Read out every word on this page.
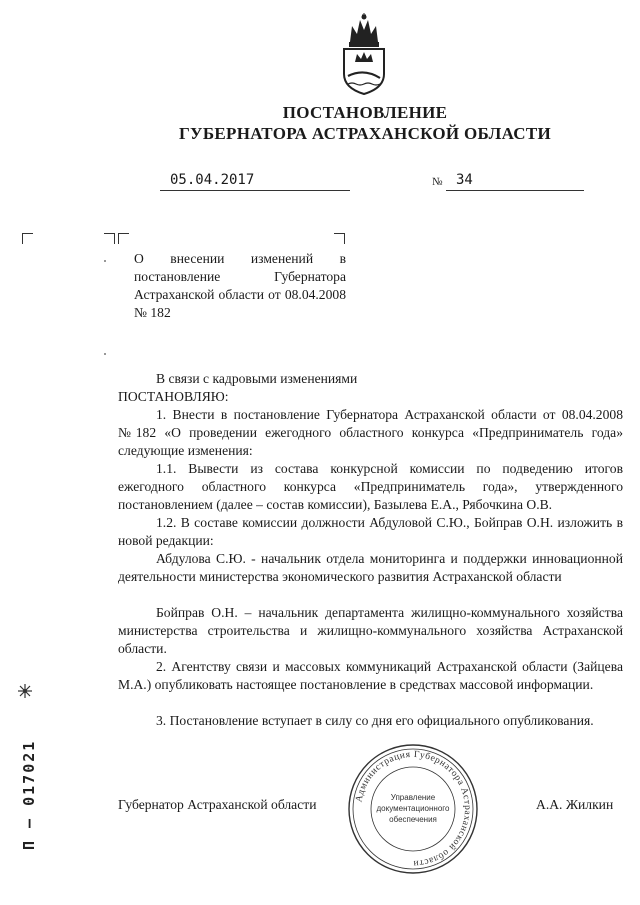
ПОСТАНОВЛЕНИЕ
ГУБЕРНАТОРА АСТРАХАНСКОЙ ОБЛАСТИ
05.04.2017	№ 34
О внесении изменений в постановление Губернатора Астраханской области от 08.04.2008 № 182
В связи с кадровыми изменениями
ПОСТАНОВЛЯЮ:
1. Внести в постановление Губернатора Астраханской области от 08.04.2008 №182 «О проведении ежегодного областного конкурса «Предприниматель года» следующие изменения:
1.1. Вывести из состава конкурсной комиссии по подведению итогов ежегодного областного конкурса «Предприниматель года», утвержденного постановлением (далее – состав комиссии), Базылева Е.А., Рябочкина О.В.
1.2. В составе комиссии должности Абдуловой С.Ю., Бойправ О.Н. изложить в новой редакции:
Абдулова С.Ю. - начальник отдела мониторинга и поддержки инновационной деятельности министерства экономического развития Астраханской области
Бойправ О.Н. – начальник департамента жилищно-коммунального хозяйства министерства строительства и жилищно-коммунального хозяйства Астраханской области.
2. Агентству связи и массовых коммуникаций Астраханской области (Зайцева М.А.) опубликовать настоящее постановление в средствах массовой информации.
3. Постановление вступает в силу со дня его официального опубликования.
Губернатор Астраханской области	А.А. Жилкин
Администрация Губернатора Астраханской области
Управление
документационного
обеспечения
П – 017021
